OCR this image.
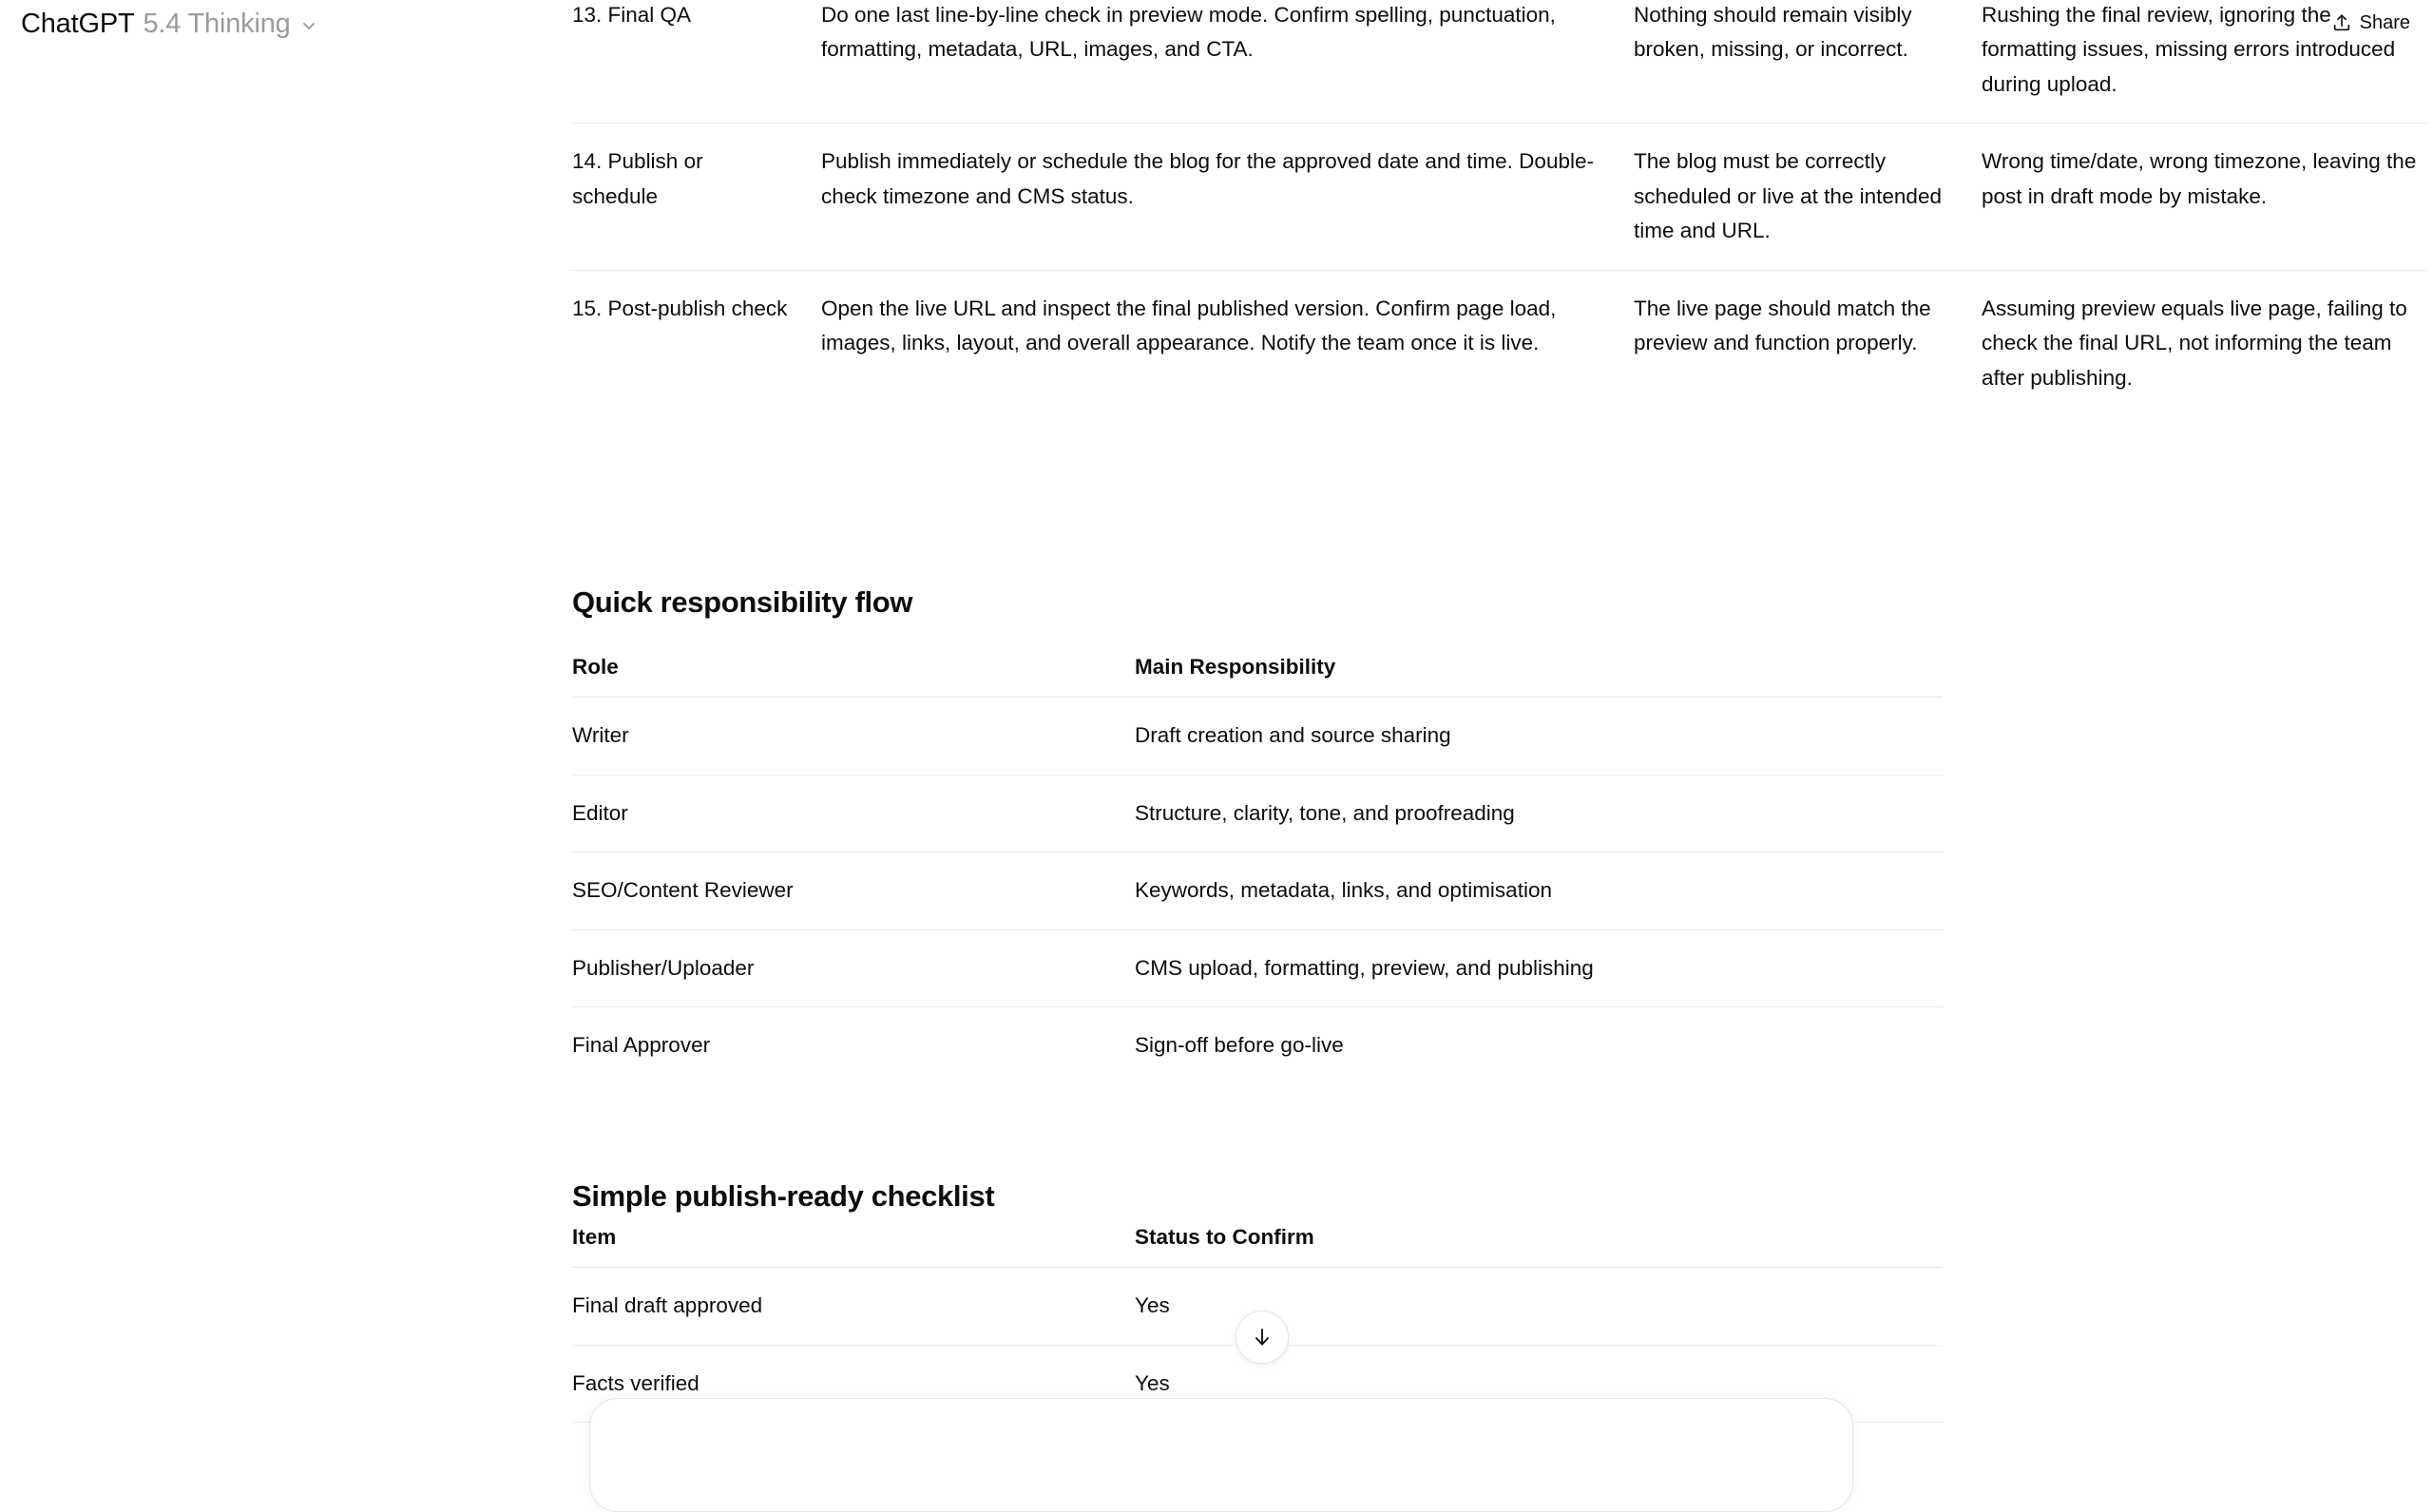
13. Final QA	Do one last line-by-line check in preview mode. Confirm spelling, punctuation, formatting, metadata, URL, images, and CTA.	Nothing should remain visibly broken, missing, or incorrect.	Rushing the final review, ignoring the formatting issues, missing errors introduced during upload.
14. Publish or schedule	Publish immediately or schedule the blog for the approved date and time. Double-check timezone and CMS status.	The blog must be correctly scheduled or live at the intended time and URL.	Wrong time/date, wrong timezone, leaving the post in draft mode by mistake.
15. Post-publish check	Open the live URL and inspect the final published version. Confirm page load, images, links, layout, and overall appearance. Notify the team once it is live.	The live page should match the preview and function properly.	Assuming preview equals live page, failing to check the final URL, not informing the team after publishing.
Quick responsibility flow
Role	Main Responsibility
Writer	Draft creation and source sharing
Editor	Structure, clarity, tone, and proofreading
SEO/Content Reviewer	Keywords, metadata, links, and optimisation
Publisher/Uploader	CMS upload, formatting, preview, and publishing
Final Approver	Sign-off before go-live
Simple publish-ready checklist
Item	Status to Confirm
Final draft approved	Yes
Facts verified	Yes
ChatGPT 5.4 Thinking	Share
